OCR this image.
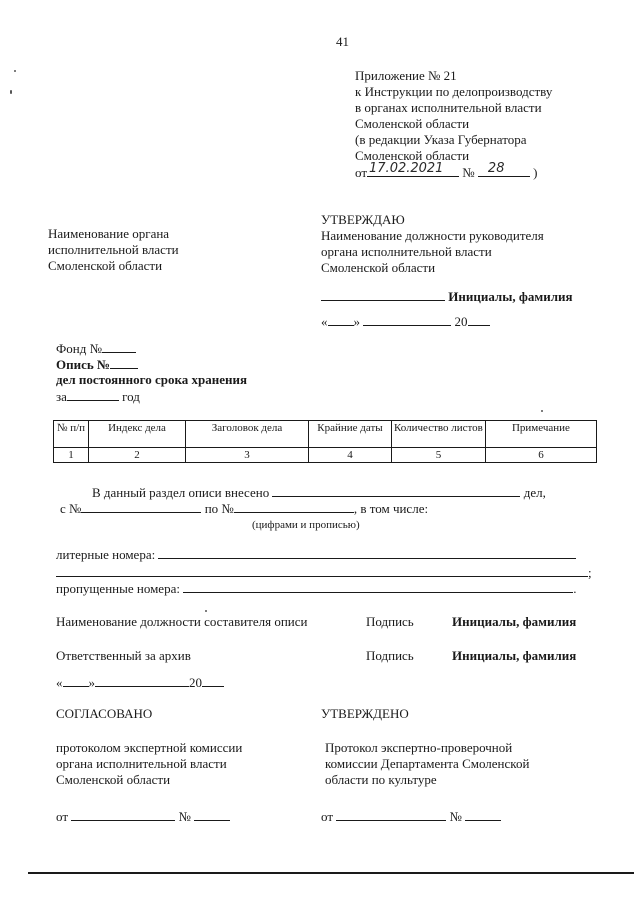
41
Приложение № 21
к Инструкции по делопроизводству
в органах исполнительной власти
Смоленской области
(в редакции Указа Губернатора
Смоленской области
от 17.02.2021 № 28 )
Наименование органа
исполнительной власти
Смоленской области
УТВЕРЖДАЮ
Наименование должности руководителя
органа исполнительной власти
Смоленской области
Инициалы, фамилия
« »	20
Фонд №
Опись №
дел постоянного срока хранения
за	год
№ п/п	Индекс дела	Заголовок дела	Крайние даты	Количество листов	Примечание
1	2	3	4	5	6
В данный раздел описи внесено	дел,
с №	по №	, в том числе:
(цифрами и прописью)
литерные номера:
;
пропущенные номера:	.
Наименование должности составителя описи	Подпись	Инициалы, фамилия
Ответственный за архив	Подпись	Инициалы, фамилия
« »	20
СОГЛАСОВАНО
протоколом экспертной комиссии
органа исполнительной власти
Смоленской области
от	№
УТВЕРЖДЕНО
Протокол экспертно-проверочной
комиссии Департамента Смоленской
области по культуре
от	№
